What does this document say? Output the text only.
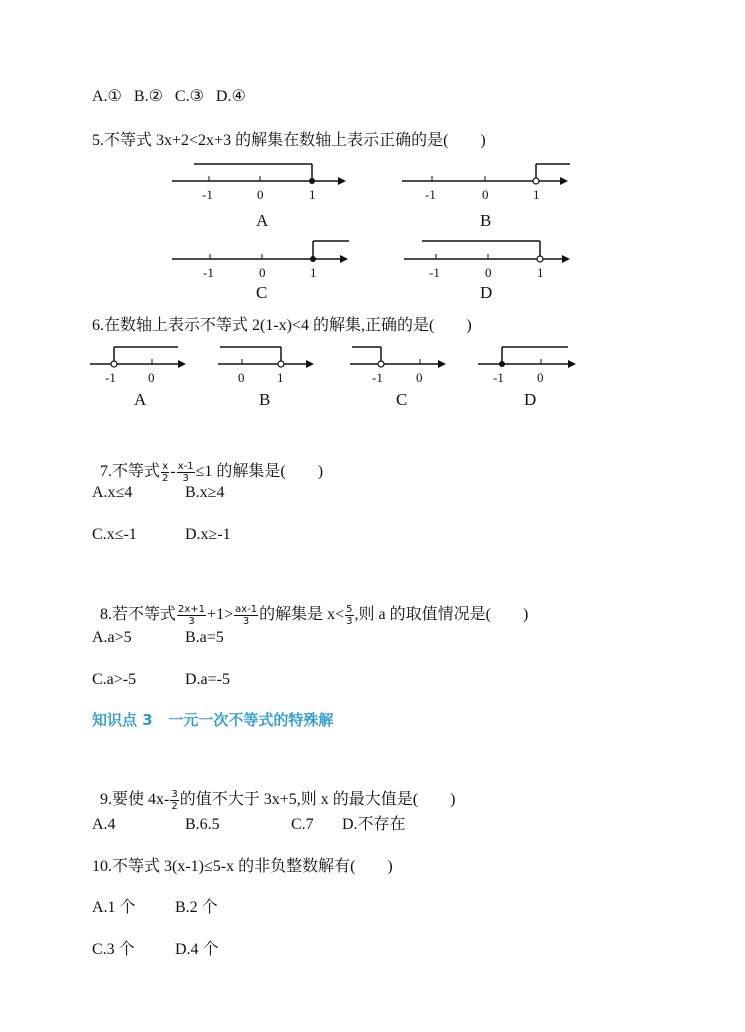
A.①   B.②   C.③   D.④
5.不等式 3x+2<2x+3 的解集在数轴上表示正确的是(        )
-1	0	1
A
-1	0	1
B
-1	0	1
C
-1	0	1
D
6.在数轴上表示不等式 2(1-x)<4 的解集,正确的是(        )
-1 0
A
0	1
B
-1	0
C
-1	0
D

7.不等式 $\frac{x}{2} - \frac{x-1}{3} \le 1$ 的解集是(        )

A.x≤4	B.x≥4
C.x≤-1	D.x≥-1

8.若不等式 $\frac{2x+1}{3} +1> \frac{ax-1}{3}$ 的解集是 $x< \frac{5}{3}$ ,则 a 的取值情况是(        )

A.a>5	B.a=5
C.a>-5	D.a=-5
知识点 3   一元一次不等式的特殊解

9.要使 $4x- \frac{3}{2}$ 的值不大于 3x+5,则 x 的最大值是(        )

A.4	B.6.5	C.7 D.不存在
10.不等式 3(x-1)≤5-x 的非负整数解有(        )
A.1 个 B.2 个
C.3 个	D.4 个
